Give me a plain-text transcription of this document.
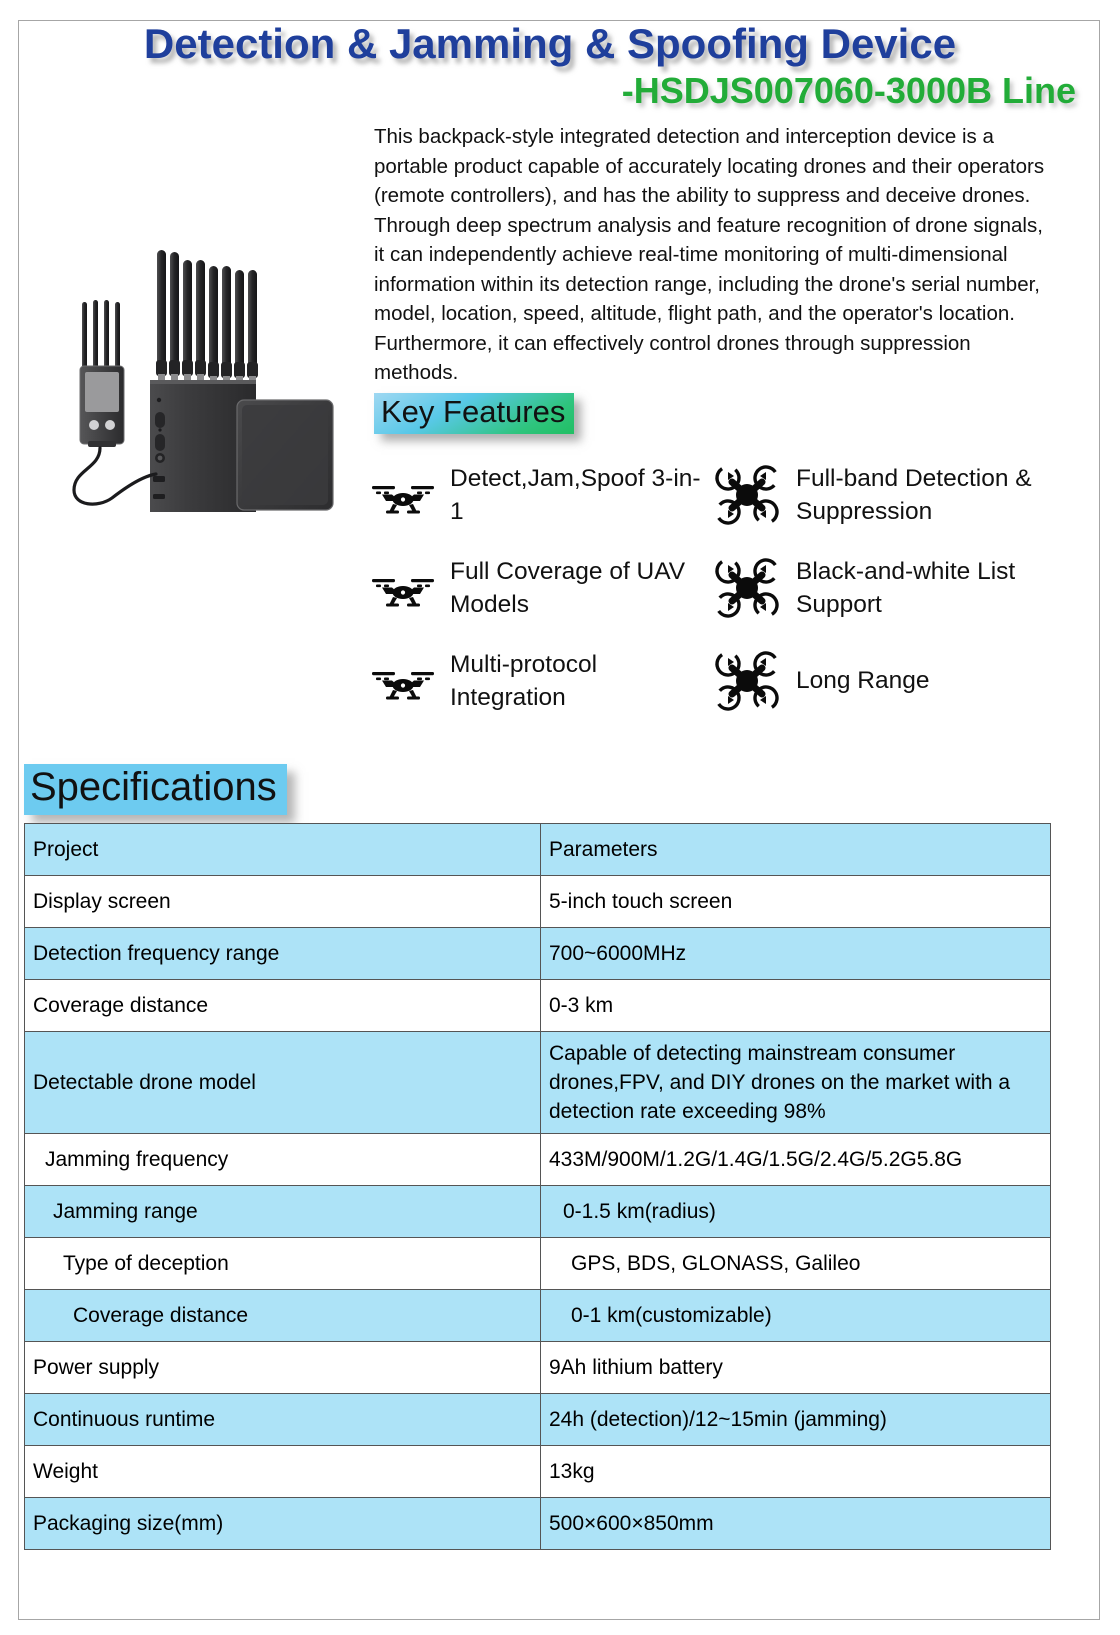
Detection & Jamming & Spoofing Device
-HSDJS007060-3000B Line
This backpack-style integrated detection and interception device is a portable product capable of accurately locating drones and their operators (remote controllers), and has the ability to suppress and deceive drones. Through deep spectrum analysis and feature recognition of drone signals, it can independently achieve real-time monitoring of multi-dimensional information within its detection range, including the drone's serial number, model, location, speed, altitude, flight path, and the operator's location. Furthermore, it can effectively control drones through suppression methods.
Key Features
Detect,Jam,Spoof 3-in-1
Full-band Detection & Suppression
Full Coverage of UAV Models
Black-and-white List Support
Multi-protocol Integration
Long Range
Specifications
Project	Parameters
Display screen	5-inch touch screen
Detection frequency range	700~6000MHz
Coverage distance	0-3 km
Detectable drone model	Capable of detecting mainstream consumer drones,FPV, and DIY drones on the market with a detection rate exceeding 98%
Jamming frequency	433M/900M/1.2G/1.4G/1.5G/2.4G/5.2G5.8G
Jamming range	0-1.5 km(radius)
Type of deception	GPS, BDS, GLONASS, Galileo
Coverage distance	0-1 km(customizable)
Power supply	9Ah lithium battery
Continuous runtime	24h (detection)/12~15min (jamming)
Weight	13kg
Packaging size(mm)	500×600×850mm
